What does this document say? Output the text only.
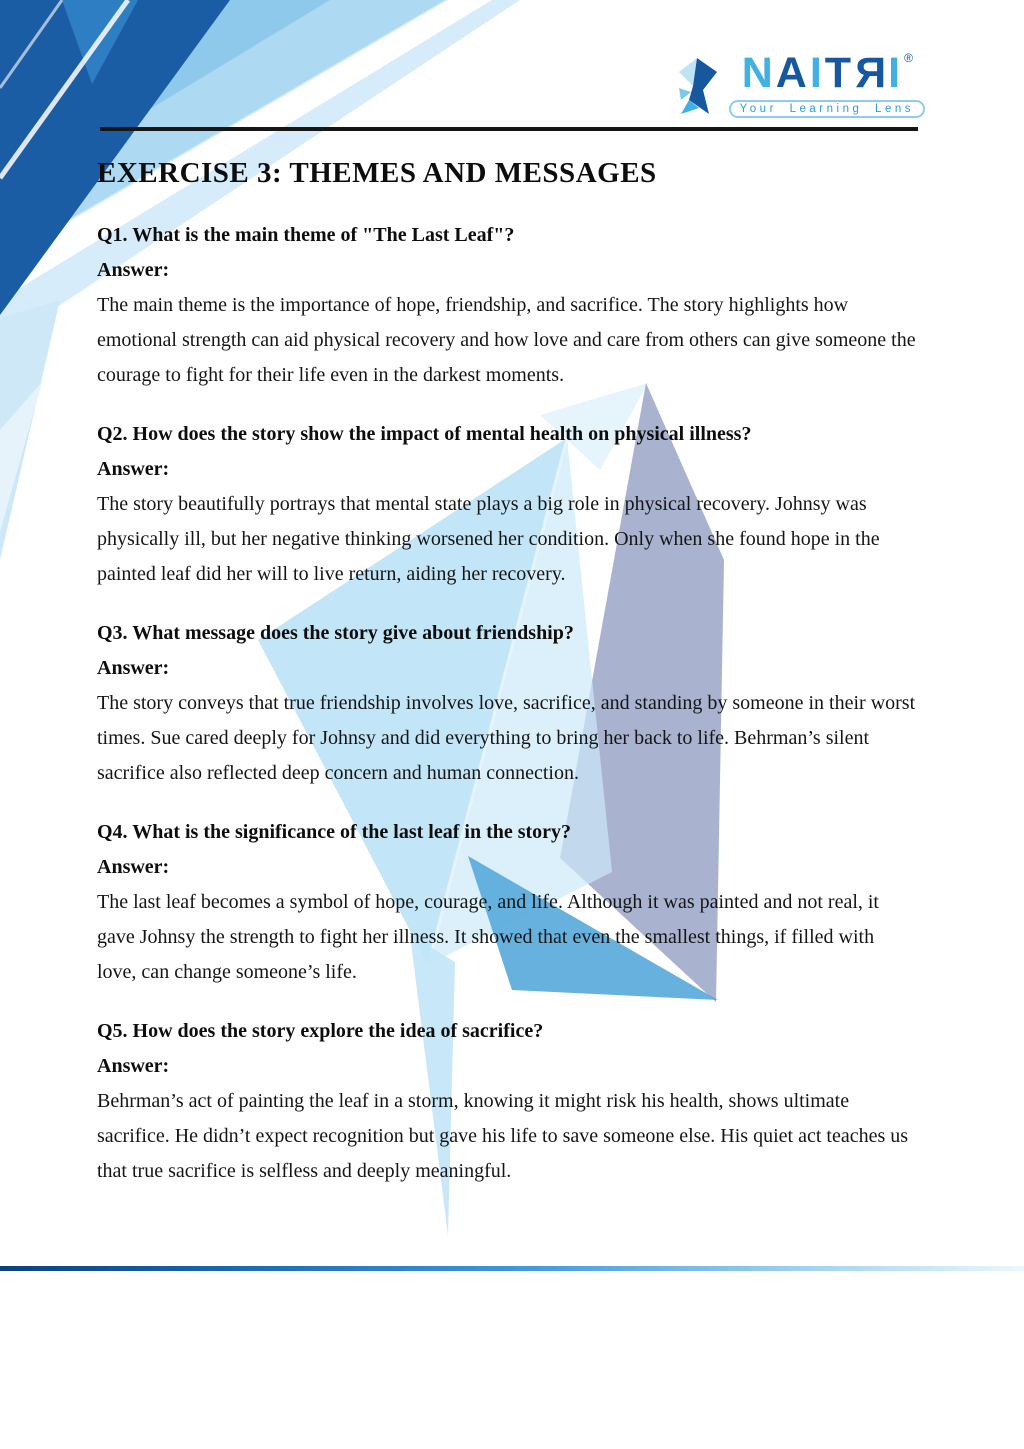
N A I T R I ®
Your Learning Lens
EXERCISE 3: THEMES AND MESSAGES
Q1. What is the main theme of "The Last Leaf"?

Answer:

The main theme is the importance of hope, friendship, and sacrifice. The story highlights how emotional strength can aid physical recovery and how love and care from others can give someone the courage to fight for their life even in the darkest moments.

Q2. How does the story show the impact of mental health on physical illness?

Answer:

The story beautifully portrays that mental state plays a big role in physical recovery. Johnsy was physically ill, but her negative thinking worsened her condition. Only when she found hope in the painted leaf did her will to live return, aiding her recovery.

Q3. What message does the story give about friendship?

Answer:

The story conveys that true friendship involves love, sacrifice, and standing by someone in their worst times. Sue cared deeply for Johnsy and did everything to bring her back to life. Behrman’s silent sacrifice also reflected deep concern and human connection.

Q4. What is the significance of the last leaf in the story?

Answer:

The last leaf becomes a symbol of hope, courage, and life. Although it was painted and not real, it gave Johnsy the strength to fight her illness. It showed that even the smallest things, if filled with love, can change someone’s life.

Q5. How does the story explore the idea of sacrifice?

Answer:

Behrman’s act of painting the leaf in a storm, knowing it might risk his health, shows ultimate sacrifice. He didn’t expect recognition but gave his life to save someone else. His quiet act teaches us that true sacrifice is selfless and deeply meaningful.
